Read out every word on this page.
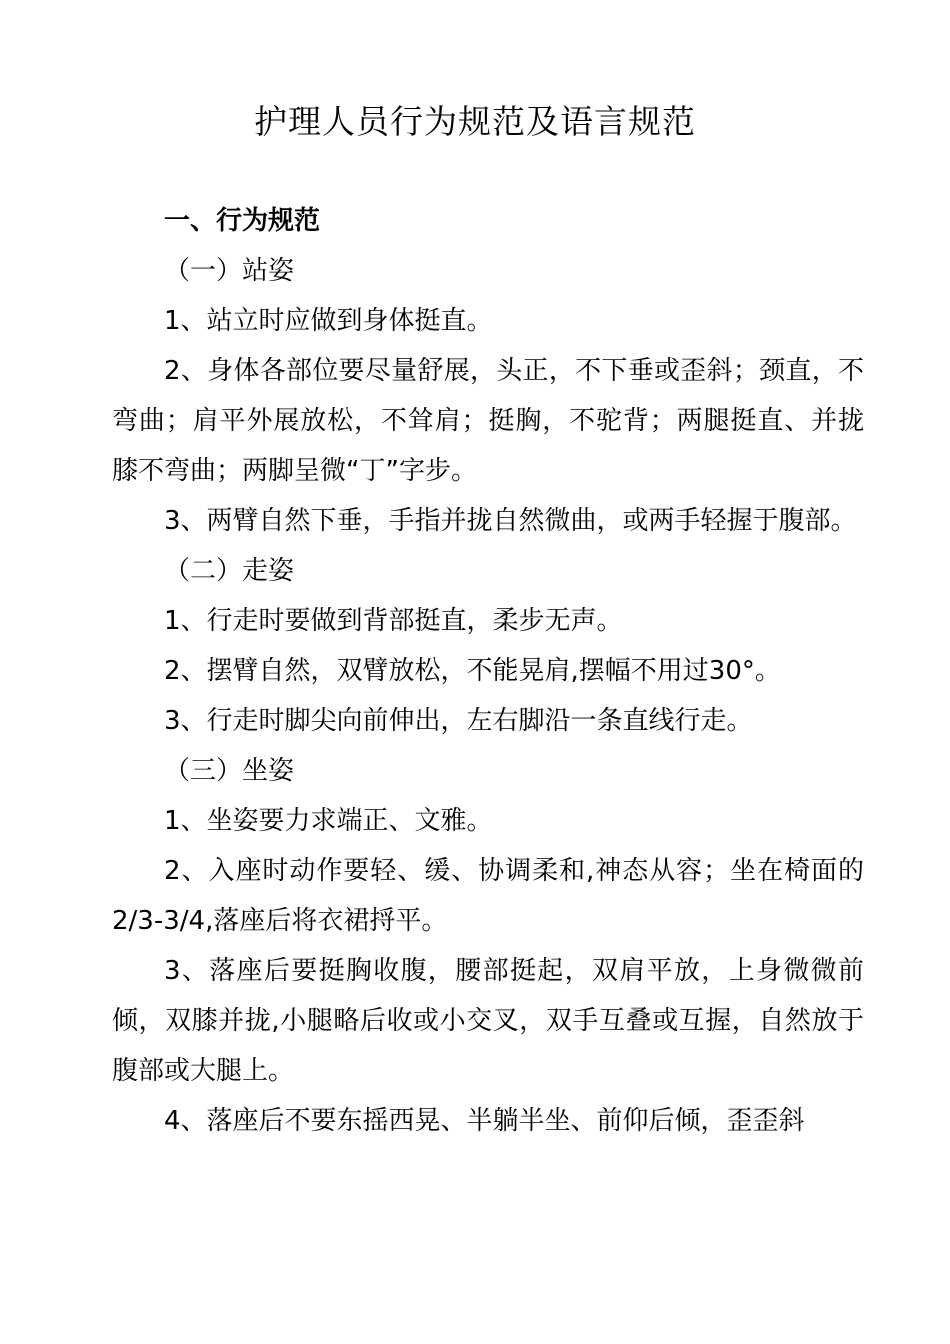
护理人员行为规范及语言规范

一、行为规范

（一）站姿

1、站立时应做到身体挺直。

2、身体各部位要尽量舒展，头正，不下垂或歪斜；颈直，不弯曲；肩平外展放松，不耸肩；挺胸，不驼背；两腿挺直、并拢膝不弯曲；两脚呈微“丁”字步。

3、两臂自然下垂，手指并拢自然微曲，或两手轻握于腹部。

（二）走姿

1、行走时要做到背部挺直，柔步无声。

2、摆臂自然，双臂放松，不能晃肩,摆幅不用过30°。

3、行走时脚尖向前伸出，左右脚沿一条直线行走。

（三）坐姿

1、坐姿要力求端正、文雅。

2、入座时动作要轻、缓、协调柔和,神态从容；坐在椅面的2/3-3/4,落座后将衣裙捋平。

3、落座后要挺胸收腹，腰部挺起，双肩平放，上身微微前倾，双膝并拢,小腿略后收或小交叉，双手互叠或互握，自然放于腹部或大腿上。

4、落座后不要东摇西晃、半躺半坐、前仰后倾，歪歪斜
